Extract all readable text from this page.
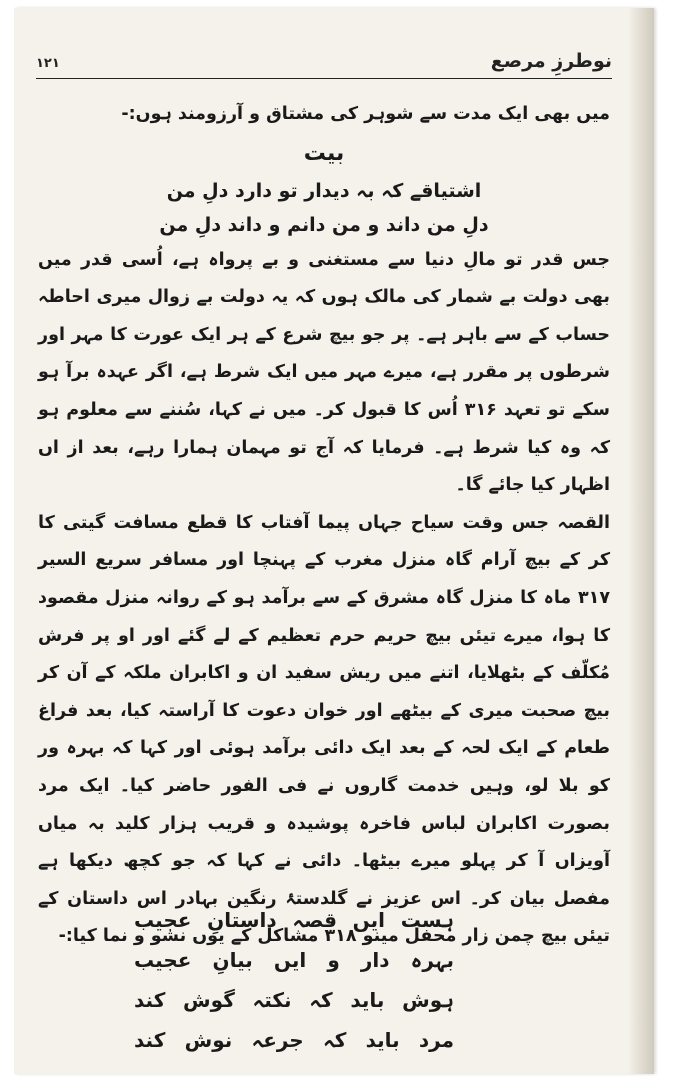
نوطرزِ مرصع
۱۲۱

میں بھی ایک مدت سے شوہر کی مشتاق و آرزومند ہوں:-

بیت

اشتیاقے کہ بہ دیدار تو دارد دلِ من

دلِ من داند و من دانم و داند دلِ من

جس قدر تو مالِ دنیا سے مستغنی و بے پرواہ ہے، اُسی قدر میں بھی دولت بے شمار کی مالک ہوں کہ یہ دولت بے زوال میری احاطہ حساب کے سے باہر ہے۔ پر جو بیچ شرع کے ہر ایک عورت کا مہر اور شرطوں پر مقرر ہے، میرے مہر میں ایک شرط ہے، اگر عہدہ برآ ہو سکے تو تعہد ۳۱۶ اُس کا قبول کر۔ میں نے کہا، سُننے سے معلوم ہو کہ وہ کیا شرط ہے۔ فرمایا کہ آج تو مہمان ہمارا رہے، بعد از اں اظہار کیا جائے گا۔

القصہ جس وقت سیاح جہاں پیما آفتاب کا قطع مسافت گیتی کا کر کے بیچ آرام گاہ منزل مغرب کے پہنچا اور مسافر سریع السیر ۳۱۷ ماہ کا منزل گاہ مشرق کے سے برآمد ہو کے روانہ منزل مقصود کا ہوا، میرے تیئں بیچ حریم حرم تعظیم کے لے گئے اور او پر فرش مُکلّف کے بٹھلایا، اتنے میں ریش سفید ان و اکابران ملکہ کے آن کر بیچ صحبت میری کے بیٹھے اور خوان دعوت کا آراستہ کیا، بعد فراغ طعام کے ایک لحہ کے بعد ایک دائی برآمد ہوئی اور کہا کہ بہرہ ور کو بلا لو، وہیں خدمت گاروں نے فی الفور حاضر کیا۔ ایک مرد بصورت اکابران لباس فاخرہ پوشیدہ و قریب ہزار کلید بہ میاں آویزاں آ کر پہلو میرے بیٹھا۔ دائی نے کہا کہ جو کچھ دیکھا ہے مفصل بیان کر۔ اس عزیز نے گلدستۂ رنگین بہادر اس داستان کے تیئں بیچ چمن زار محفل مینو ۳۱۸ مشاکل کے یوں نشو و نما کیا:-

ہست ایں قصہ داستانِ عجیب

بہرہ دار و ایں بیانِ عجیب

ہوش باید کہ نکتہ گوش کند

مرد باید کہ جرعہ نوش کند
